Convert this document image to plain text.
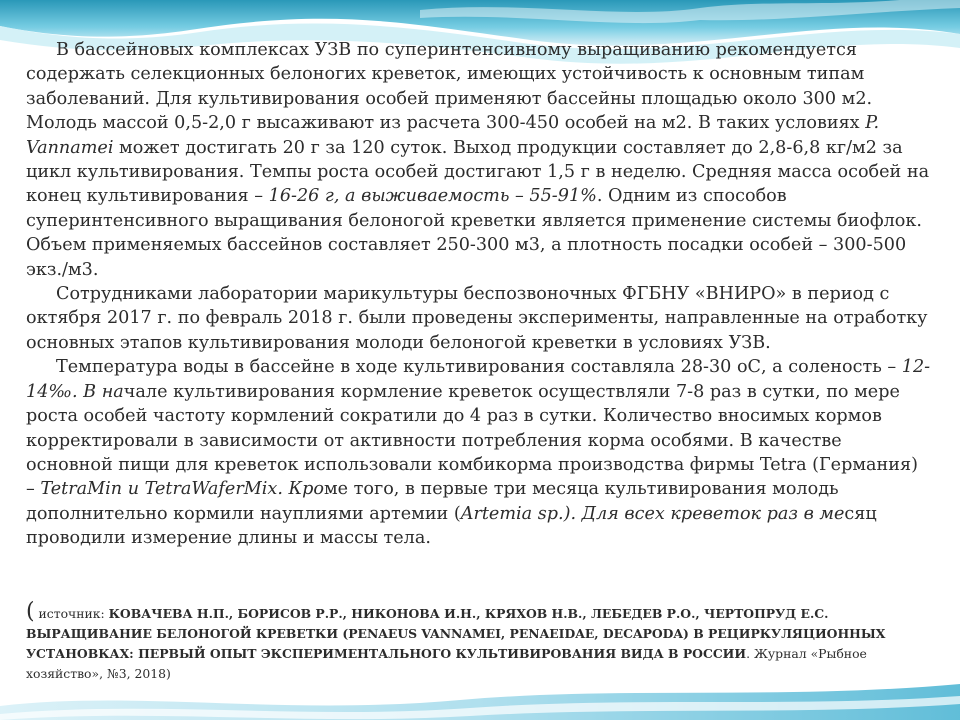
В бассейновых комплексах УЗВ по суперинтенсивному выращиванию рекомендуется содержать селекционных белоногих креветок, имеющих устойчивость к основным типам заболеваний. Для культивирования особей применяют бассейны площадью около 300 м2. Молодь массой 0,5-2,0 г высаживают из расчета 300-450 особей на м2. В таких условиях P. Vannamei может достигать 20 г за 120 суток. Выход продукции составляет до 2,8-6,8 кг/м2 за цикл культивирования. Темпы роста особей достигают 1,5 г в неделю. Средняя масса особей на конец культивирования – 16-26 г, а выживаемость – 55-91%. Одним из способов суперинтенсивного выращивания белоногой креветки является применение системы биофлок. Объем применяемых бассейнов составляет 250-300 м3, а плотность посадки особей – 300-500 экз./м3.

Сотрудниками лаборатории марикультуры беспозвоночных ФГБНУ «ВНИРО» в период с октября 2017 г. по февраль 2018 г. были проведены эксперименты, направленные на отработку основных этапов культивирования молоди белоногой креветки в условиях УЗВ.

Температура воды в бассейне в ходе культивирования составляла 28-30 оС, а соленость – 12-14‰. В начале культивирования кормление креветок осуществляли 7-8 раз в сутки, по мере роста особей частоту кормлений сократили до 4 раз в сутки. Количество вносимых кормов корректировали в зависимости от активности потребления корма особями. В качестве основной пищи для креветок использовали комбикорма производства фирмы Tetra (Германия) – TetraMin и TetraWaferMix. Кроме того, в первые три месяца культивирования молодь дополнительно кормили науплиями артемии (Artemia sp.). Для всех креветок раз в месяц проводили измерение длины и массы тела.

( источник: КОВАЧЕВА Н.П., БОРИСОВ Р.Р., НИКОНОВА И.Н., КРЯХОВ Н.В., ЛЕБЕДЕВ Р.О., ЧЕРТОПРУД Е.С. ВЫРАЩИВАНИЕ БЕЛОНОГОЙ КРЕВЕТКИ (PENAEUS VANNAMEI, PENAEIDAE, DECAPODA) В РЕЦИРКУЛЯЦИОННЫХ УСТАНОВКАХ: ПЕРВЫЙ ОПЫТ ЭКСПЕРИМЕНТАЛЬНОГО КУЛЬТИВИРОВАНИЯ ВИДА В РОССИИ. Журнал «Рыбное хозяйство», №3, 2018)
